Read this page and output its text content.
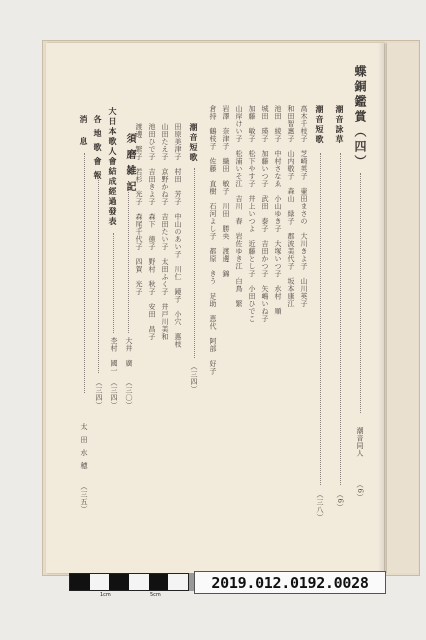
蝶銅鑑賞（四）
潮音同人
（6）
潮音詠草
（6）
潮音短歌
（三八）
高木千枝子　芝崎英子　壷田まさの　大川きよ子　山川英子
和田智惠子　山内敬子　森山　緑子　郡波美代子　坂本康江
池田　綾子　中村さなゑ　小山ゆき子　大塚いつ子　水村　順
城田　瑛子　加藤いつ子　武田　泰子　吉田かつ子　矢嶋いね子
加藤　敏子　松下やす子　井上いつよ　近藤とし子　小田ひでこ
山岸けい子　松浦いそ江　吉川　春　岩佐ゆき江　白鳥　繁
岩澤　奈津子　織田　敏子　川田　勝央　渡邊　錦
倉持　鶴枝子　佐藤　直樹　石河よし子　都原　きう　足助　恵代　阿部　好子
潮音短歌
（三四）
田原美津子　村田　芳子　中山のあい子　川仁　鏡子　小穴　惠枝
山田たえ子　京野かね子　吉田たい子　太田ふく子　井戸川美和
池田ひで子　吉田きよ子　森下　徳子　野村　秋子　安田　昌子
渡邊　繁子　若杉　光子　森尾千代子　四賀　光子
須磨雑記
大井　廣
（三〇）
大日本歌人會結成經過發表
杢村　國一
（三四）
各地歌會報
（三四）
消息
太田水穂
（三五）
1cm	5cm
2019.012.0192.0028
